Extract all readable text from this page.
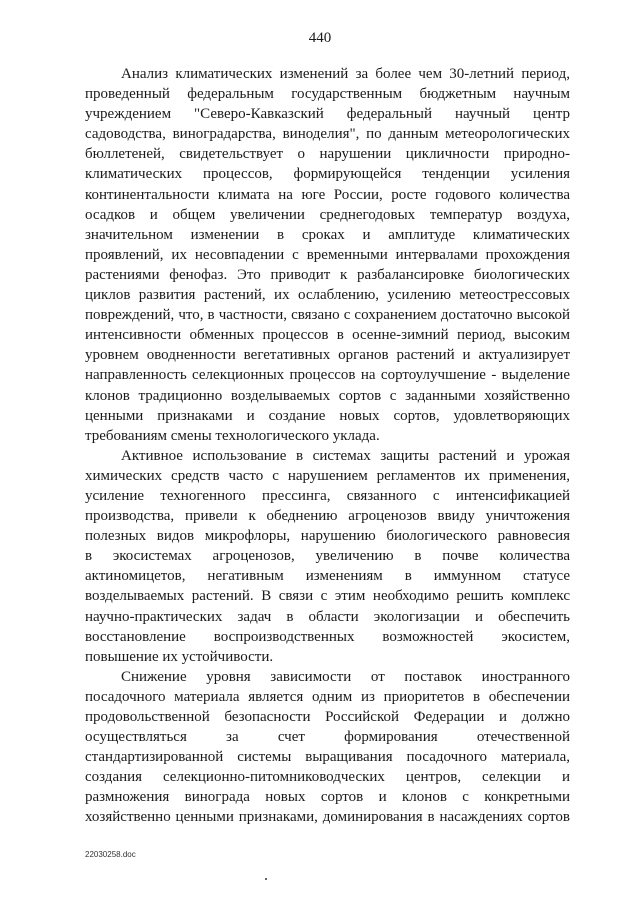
440
Анализ климатических изменений за более чем 30-летний период,
проведенный федеральным государственным бюджетным научным
учреждением "Северо-Кавказский федеральный научный центр
садоводства, виноградарства, виноделия", по данным метеорологических
бюллетеней, свидетельствует о нарушении цикличности природно-
климатических процессов, формирующейся тенденции усиления
континентальности климата на юге России, росте годового количества
осадков и общем увеличении среднегодовых температур воздуха,
значительном изменении в сроках и амплитуде климатических
проявлений, их несовпадении с временными интервалами прохождения
растениями фенофаз. Это приводит к разбалансировке биологических
циклов развития растений, их ослаблению, усилению метеострессовых
повреждений, что, в частности, связано с сохранением достаточно высокой
интенсивности обменных процессов в осенне-зимний период, высоким
уровнем оводненности вегетативных органов растений и актуализирует
направленность селекционных процессов на сортоулучшение - выделение
клонов традиционно возделываемых сортов с заданными хозяйственно
ценными признаками и создание новых сортов, удовлетворяющих
требованиям смены технологического уклада.
Активное использование в системах защиты растений и урожая
химических средств часто с нарушением регламентов их применения,
усиление техногенного прессинга, связанного с интенсификацией
производства, привели к обеднению агроценозов ввиду уничтожения
полезных видов микрофлоры, нарушению биологического равновесия
в экосистемах агроценозов, увеличению в почве количества
актиномицетов, негативным изменениям в иммунном статусе
возделываемых растений. В связи с этим необходимо решить комплекс
научно-практических задач в области экологизации и обеспечить
восстановление воспроизводственных возможностей экосистем,
повышение их устойчивости.
Снижение уровня зависимости от поставок иностранного
посадочного материала является одним из приоритетов в обеспечении
продовольственной безопасности Российской Федерации и должно
осуществляться за счет формирования отечественной
стандартизированной системы выращивания посадочного материала,
создания селекционно-питомниководческих центров, селекции и
размножения винограда новых сортов и клонов с конкретными
хозяйственно ценными признаками, доминирования в насаждениях сортов
22030258.doc
